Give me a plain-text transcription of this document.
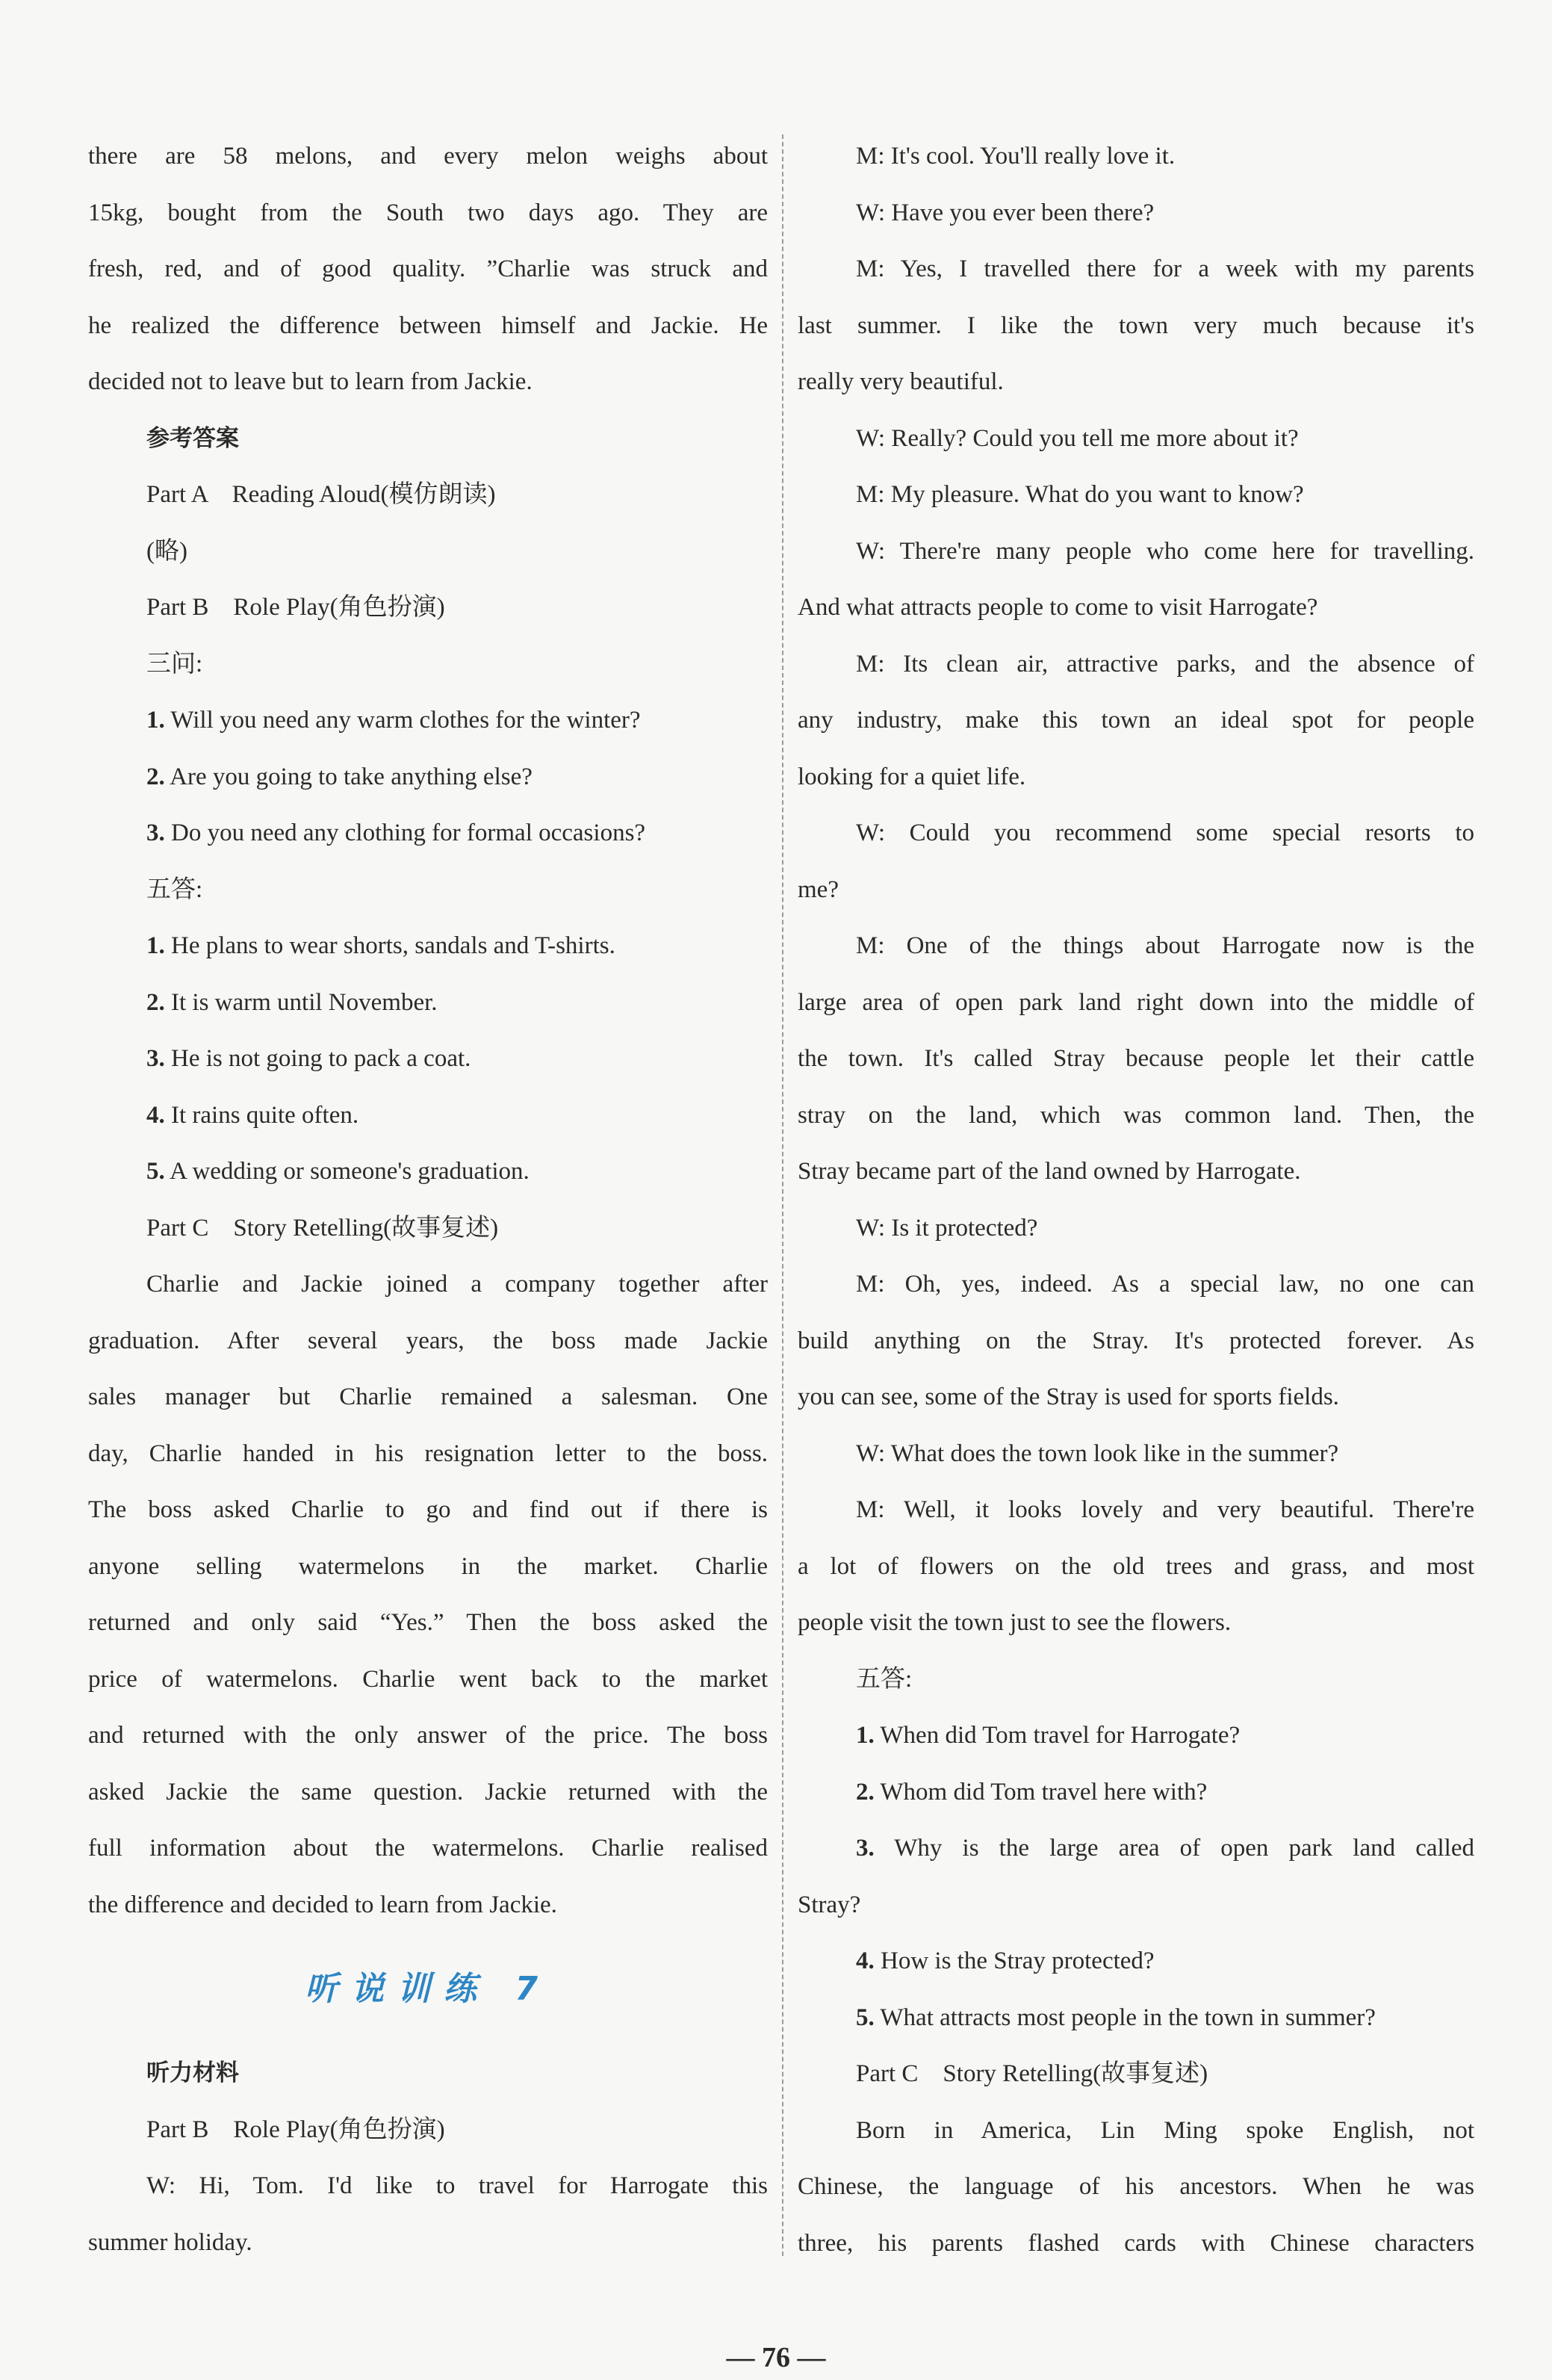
there are 58 melons, and every melon weighs about
15kg, bought from the South two days ago. They are
fresh, red, and of good quality. ”Charlie was struck and
he realized the difference between himself and Jackie. He
decided not to leave but to learn from Jackie.
参考答案
Part A　Reading Aloud(模仿朗读)
(略)
Part B　Role Play(角色扮演)
三问:
1. Will you need any warm clothes for the winter?
2. Are you going to take anything else?
3. Do you need any clothing for formal occasions?
五答:
1. He plans to wear shorts, sandals and T-shirts.
2. It is warm until November.
3. He is not going to pack a coat.
4. It rains quite often.
5. A wedding or someone's graduation.
Part C　Story Retelling(故事复述)
Charlie and Jackie joined a company together after
graduation. After several years, the boss made Jackie
sales manager but Charlie remained a salesman. One
day, Charlie handed in his resignation letter to the boss.
The boss asked Charlie to go and find out if there is
anyone selling watermelons in the market. Charlie
returned and only said “Yes.” Then the boss asked the
price of watermelons. Charlie went back to the market
and returned with the only answer of the price. The boss
asked Jackie the same question. Jackie returned with the
full information about the watermelons. Charlie realised
the difference and decided to learn from Jackie.
听说训练 7
听力材料
Part B　Role Play(角色扮演)
W: Hi, Tom. I'd like to travel for Harrogate this
summer holiday.
M: It's cool. You'll really love it.
W: Have you ever been there?
M: Yes, I travelled there for a week with my parents
last summer. I like the town very much because it's
really very beautiful.
W: Really? Could you tell me more about it?
M: My pleasure. What do you want to know?
W: There're many people who come here for travelling.
And what attracts people to come to visit Harrogate?
M: Its clean air, attractive parks, and the absence of
any industry, make this town an ideal spot for people
looking for a quiet life.
W: Could you recommend some special resorts to
me?
M: One of the things about Harrogate now is the
large area of open park land right down into the middle of
the town. It's called Stray because people let their cattle
stray on the land, which was common land. Then, the
Stray became part of the land owned by Harrogate.
W: Is it protected?
M: Oh, yes, indeed. As a special law, no one can
build anything on the Stray. It's protected forever. As
you can see, some of the Stray is used for sports fields.
W: What does the town look like in the summer?
M: Well, it looks lovely and very beautiful. There're
a lot of flowers on the old trees and grass, and most
people visit the town just to see the flowers.
五答:
1. When did Tom travel for Harrogate?
2. Whom did Tom travel here with?
3. Why is the large area of open park land called
Stray?
4. How is the Stray protected?
5. What attracts most people in the town in summer?
Part C　Story Retelling(故事复述)
Born in America, Lin Ming spoke English, not
Chinese, the language of his ancestors. When he was
three, his parents flashed cards with Chinese characters
— 76 —
